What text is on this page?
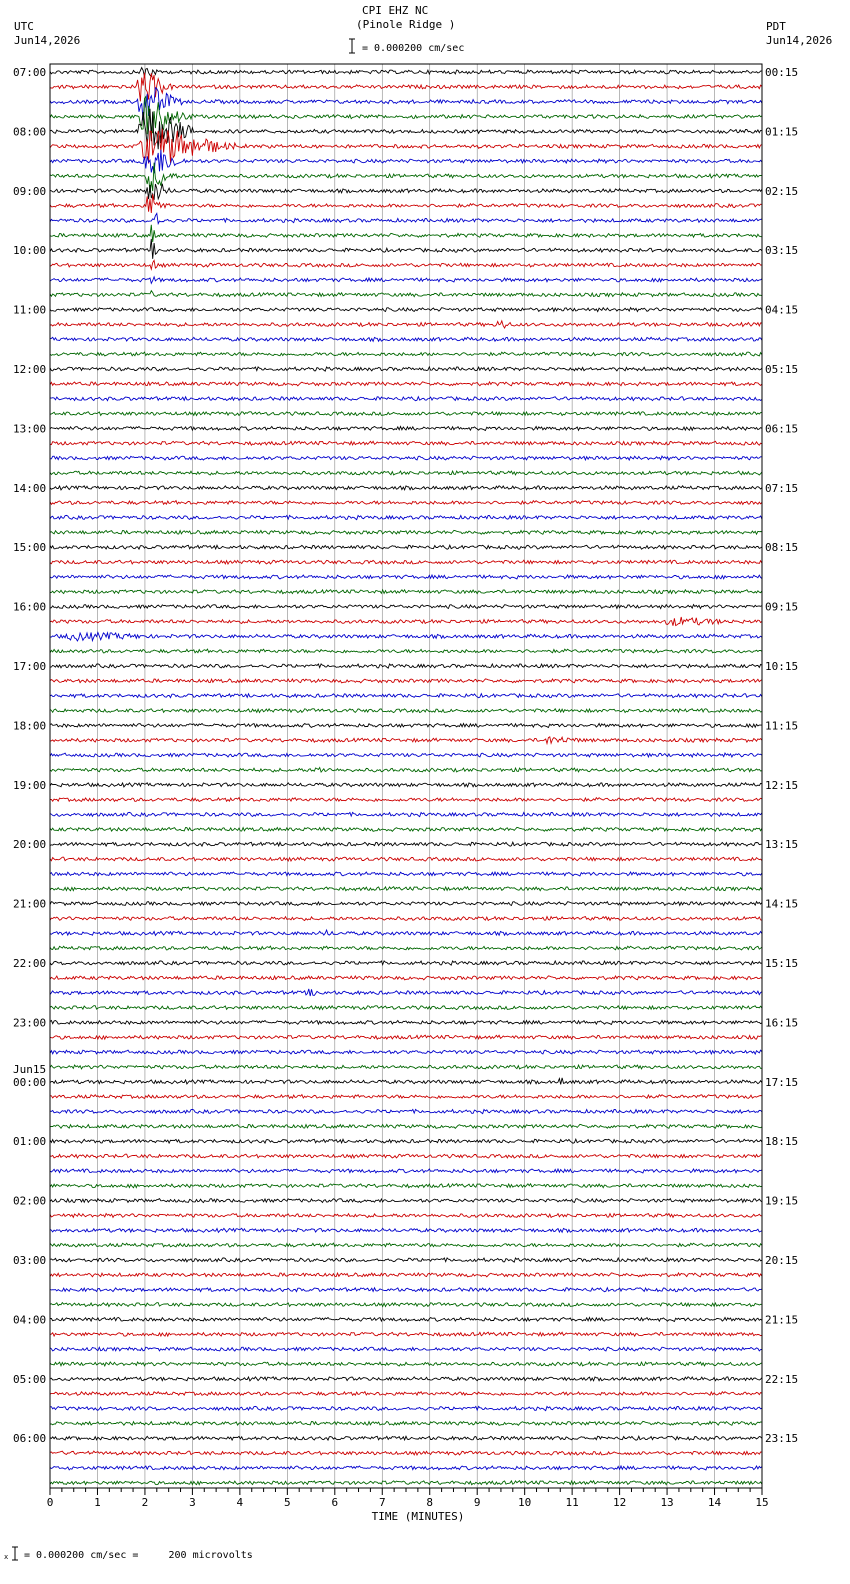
CPI EHZ NC
(Pinole Ridge )
UTC
Jun14,2026
PDT
Jun14,2026
= 0.000200 cm/sec
0	1	2	3	4	5	6	7	8	9	10	11	12	13	14	15
07:00	00:15
08:00	01:15
09:00	02:15
10:00	03:15
11:00	04:15
12:00	05:15
13:00	06:15
14:00	07:15
15:00	08:15
16:00	09:15
17:00	10:15
18:00	11:15
19:00	12:15
20:00	13:15
21:00	14:15
22:00	15:15
23:00	16:15
00:00	17:15
01:00	18:15
02:00	19:15
03:00	20:15
04:00	21:15
05:00	22:15
06:00	23:15
Jun15
TIME (MINUTES)
x = 0.000200 cm/sec =     200 microvolts
